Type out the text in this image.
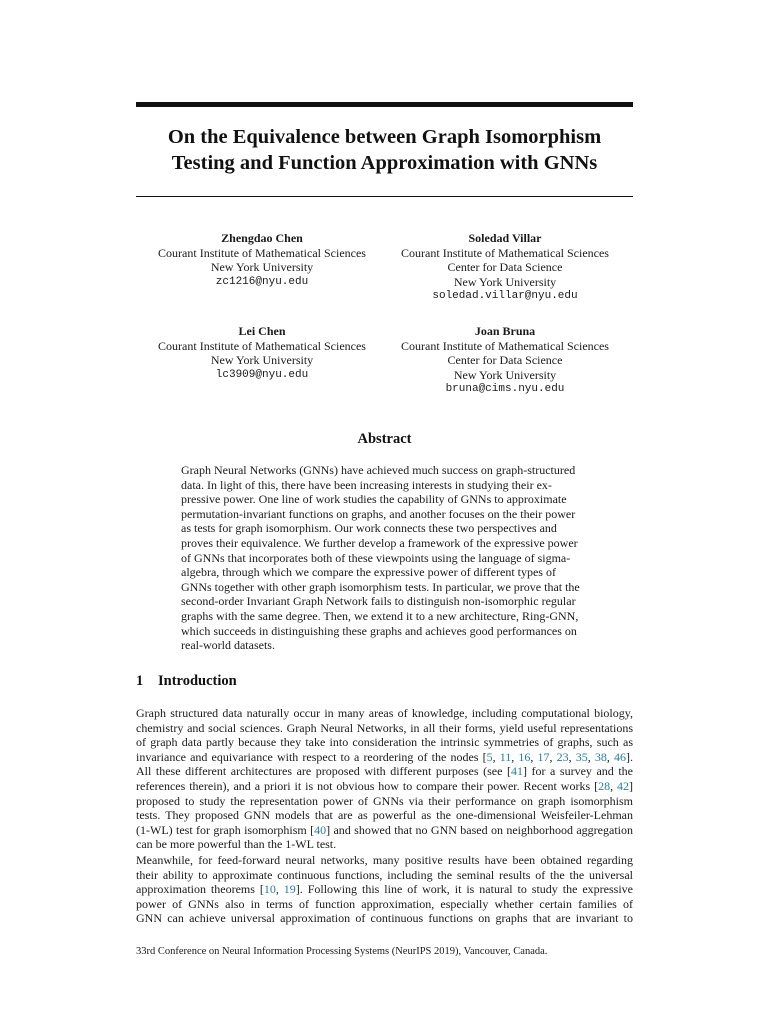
On the Equivalence between Graph Isomorphism
Testing and Function Approximation with GNNs
Zhengdao Chen
Courant Institute of Mathematical Sciences
New York University
zc1216@nyu.edu
Soledad Villar
Courant Institute of Mathematical Sciences
Center for Data Science
New York University
soledad.villar@nyu.edu
Lei Chen
Courant Institute of Mathematical Sciences
New York University
lc3909@nyu.edu
Joan Bruna
Courant Institute of Mathematical Sciences
Center for Data Science
New York University
bruna@cims.nyu.edu
Abstract
Graph Neural Networks (GNNs) have achieved much success on graph-structured
data. In light of this, there have been increasing interests in studying their ex-
pressive power. One line of work studies the capability of GNNs to approximate
permutation-invariant functions on graphs, and another focuses on the their power
as tests for graph isomorphism. Our work connects these two perspectives and
proves their equivalence. We further develop a framework of the expressive power
of GNNs that incorporates both of these viewpoints using the language of sigma-
algebra, through which we compare the expressive power of different types of
GNNs together with other graph isomorphism tests. In particular, we prove that the
second-order Invariant Graph Network fails to distinguish non-isomorphic regular
graphs with the same degree. Then, we extend it to a new architecture, Ring-GNN,
which succeeds in distinguishing these graphs and achieves good performances on
real-world datasets.
1 Introduction
Graph structured data naturally occur in many areas of knowledge, including computational biology,
chemistry and social sciences. Graph Neural Networks, in all their forms, yield useful representations
of graph data partly because they take into consideration the intrinsic symmetries of graphs, such as
invariance and equivariance with respect to a reordering of the nodes [5, 11, 16, 17, 23, 35, 38, 46].
All these different architectures are proposed with different purposes (see [41] for a survey and the
references therein), and a priori it is not obvious how to compare their power. Recent works [28, 42]
proposed to study the representation power of GNNs via their performance on graph isomorphism
tests. They proposed GNN models that are as powerful as the one-dimensional Weisfeiler-Lehman
(1-WL) test for graph isomorphism [40] and showed that no GNN based on neighborhood aggregation
can be more powerful than the 1-WL test.
Meanwhile, for feed-forward neural networks, many positive results have been obtained regarding
their ability to approximate continuous functions, including the seminal results of the the universal
approximation theorems [10, 19]. Following this line of work, it is natural to study the expressive
power of GNNs also in terms of function approximation, especially whether certain families of
GNN can achieve universal approximation of continuous functions on graphs that are invariant to
33rd Conference on Neural Information Processing Systems (NeurIPS 2019), Vancouver, Canada.
